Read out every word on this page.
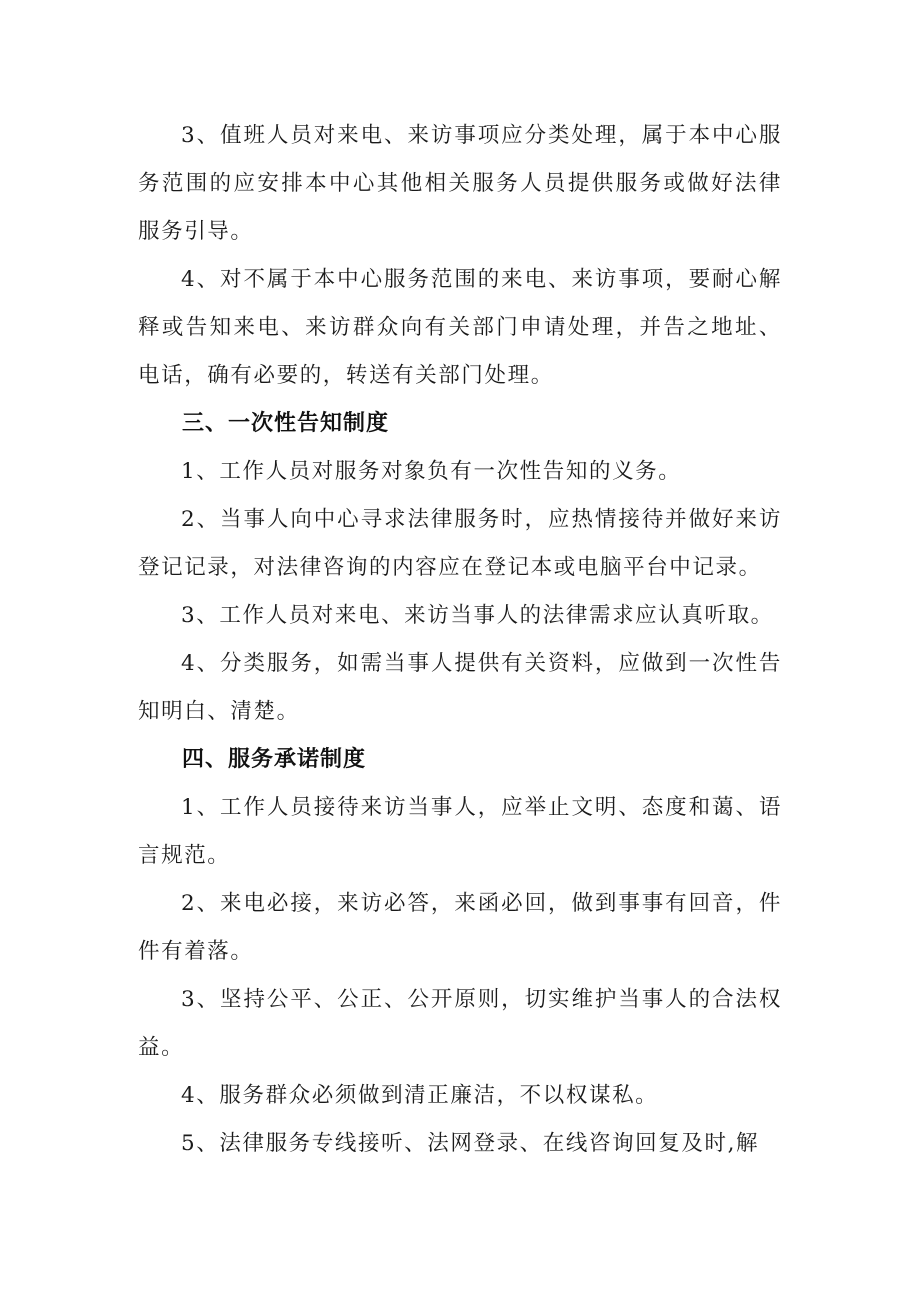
3、值班人员对来电、来访事项应分类处理，属于本中心服务范围的应安排本中心其他相关服务人员提供服务或做好法律服务引导。

4、对不属于本中心服务范围的来电、来访事项，要耐心解释或告知来电、来访群众向有关部门申请处理，并告之地址、电话，确有必要的，转送有关部门处理。

三、一次性告知制度

1、工作人员对服务对象负有一次性告知的义务。

2、当事人向中心寻求法律服务时，应热情接待并做好来访登记记录，对法律咨询的内容应在登记本或电脑平台中记录。

3、工作人员对来电、来访当事人的法律需求应认真听取。

4、分类服务，如需当事人提供有关资料，应做到一次性告知明白、清楚。

四、服务承诺制度

1、工作人员接待来访当事人，应举止文明、态度和蔼、语言规范。

2、来电必接，来访必答，来函必回，做到事事有回音，件件有着落。

3、坚持公平、公正、公开原则，切实维护当事人的合法权益。

4、服务群众必须做到清正廉洁，不以权谋私。

5、法律服务专线接听、法网登录、在线咨询回复及时,解
